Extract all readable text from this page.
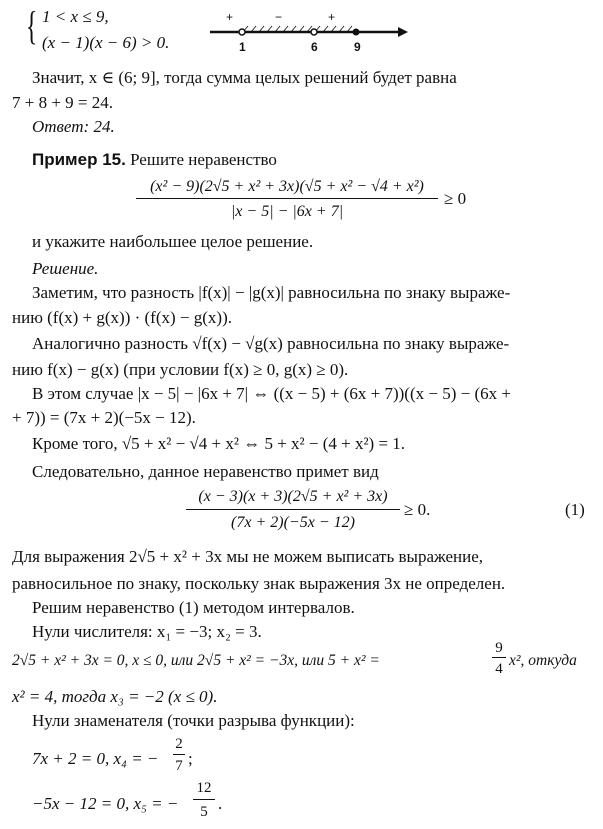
{ 1 < x ≤ 9,
(x − 1)(x − 6) > 0.
+	−	+
1	6	9
Значит, x ∈ (6; 9], тогда сумма целых решений будет равна
7 + 8 + 9 = 24.
Ответ: 24.
Пример 15. Решите неравенство
(x² − 9)(2√5 + x² + 3x)(√5 + x² − √4 + x²)
|x − 5| − |6x + 7|
≥ 0
и укажите наибольшее целое решение.
Решение.
Заметим, что разность |f(x)| − |g(x)| равносильна по знаку выраже-
нию (f(x) + g(x)) · (f(x) − g(x)).
Аналогично разность √f(x) − √g(x) равносильна по знаку выраже-
нию f(x) − g(x) (при условии f(x) ≥ 0, g(x) ≥ 0).
В этом случае |x − 5| − |6x + 7| ⇔ ((x − 5) + (6x + 7))((x − 5) − (6x +
+ 7)) = (7x + 2)(−5x − 12).
Кроме того, √5 + x² − √4 + x² ⇔ 5 + x² − (4 + x²) = 1.
Следовательно, данное неравенство примет вид
(x − 3)(x + 3)(2√5 + x² + 3x)
(7x + 2)(−5x − 12)
≥ 0.	(1)
Для выражения 2√5 + x² + 3x мы не можем выписать выражение,
равносильное по знаку, поскольку знак выражения 3x не определен.
Решим неравенство (1) методом интервалов.
Нули числителя: x₁ = −3; x₂ = 3.
2√5 + x² + 3x = 0, x ≤ 0, или 2√5 + x² = −3x, или 5 + x² =
9
4 x², откуда
x² = 4, тогда x₃ = −2 (x ≤ 0).
Нули знаменателя (точки разрыва функции):
7x + 2 = 0, x₄ = −
2
7 ;
−5x − 12 = 0, x₅ = −
12
5 .
